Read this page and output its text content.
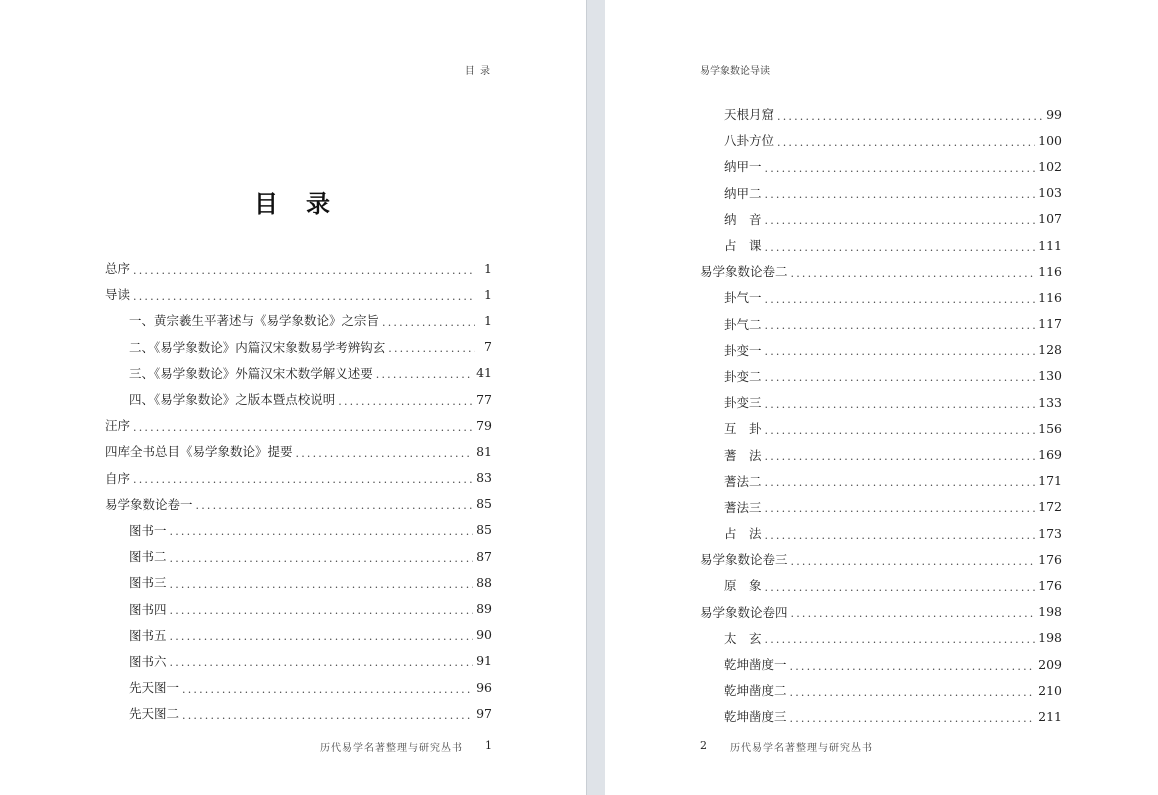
目 录
目 录
总序 .....	1
导读 .....	1
一、黄宗羲生平著述与《易学象数论》之宗旨 .....	1
二、《易学象数论》内篇汉宋象数易学考辨钩玄 .....	7
三、《易学象数论》外篇汉宋术数学解义述要 .....	41
四、《易学象数论》之版本暨点校说明 .....	77
汪序 .....	79
四库全书总目《易学象数论》提要 .....	81
自序 .....	83
易学象数论卷一 .....	85
图书一 .....	85
图书二 .....	87
图书三 .....	88
图书四 .....	89
图书五 .....	90
图书六 .....	91
先天图一 .....	96
先天图二 .....	97
历代易学名著整理与研究丛书 1
易学象数论导读
天根月窟 .....	99
八卦方位 .....	100
纳甲一 .....	102
纳甲二 .....	103
纳　音 .....	107
占　课 .....	111
易学象数论卷二 .....	116
卦气一 .....	116
卦气二 .....	117
卦变一 .....	128
卦变二 .....	130
卦变三 .....	133
互　卦 .....	156
蓍　法 .....	169
蓍法二 .....	171
蓍法三 .....	172
占　法 .....	173
易学象数论卷三 .....	176
原　象 .....	176
易学象数论卷四 .....	198
太　玄 .....	198
乾坤凿度一 .....	209
乾坤凿度二 .....	210
乾坤凿度三 .....	211
2 历代易学名著整理与研究丛书
